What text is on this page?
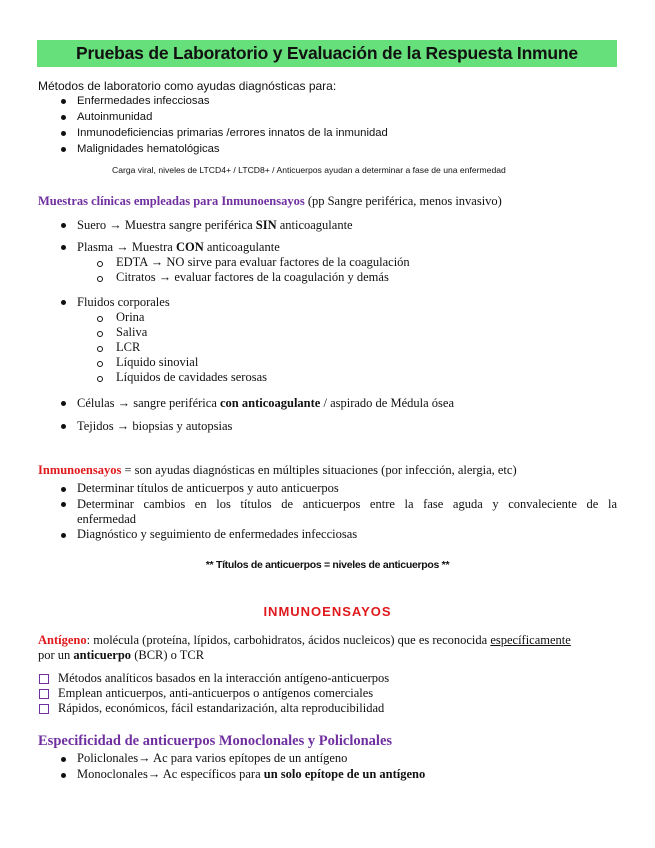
Pruebas de Laboratorio y Evaluación de la Respuesta Inmune
Métodos de laboratorio como ayudas diagnósticas para:
Enfermedades infecciosas
Autoinmunidad
Inmunodeficiencias primarias /errores innatos de la inmunidad
Malignidades hematológicas
Carga viral, niveles de LTCD4+ / LTCD8+ / Anticuerpos ayudan a determinar a fase de una enfermedad
Muestras clínicas empleadas para Inmunoensayos (pp Sangre periférica, menos invasivo)
Suero → Muestra sangre periférica SIN anticoagulante
Plasma → Muestra CON anticoagulante
EDTA → NO sirve para evaluar factores de la coagulación
Citratos → evaluar factores de la coagulación y demás
Fluidos corporales
Orina
Saliva
LCR
Líquido sinovial
Líquidos de cavidades serosas
Células → sangre periférica con anticoagulante / aspirado de Médula ósea
Tejidos → biopsias y autopsias
Inmunoensayos = son ayudas diagnósticas en múltiples situaciones (por infección, alergia, etc)
Determinar títulos de anticuerpos y auto anticuerpos
Determinar cambios en los títulos de anticuerpos entre la fase aguda y convaleciente de la
enfermedad
Diagnóstico y seguimiento de enfermedades infecciosas
** Títulos de anticuerpos = niveles de anticuerpos **
INMUNOENSAYOS
Antígeno: molécula (proteína, lípidos, carbohidratos, ácidos nucleicos) que es reconocida específicamente
por un anticuerpo (BCR) o TCR
Métodos analíticos basados en la interacción antígeno-anticuerpos
Emplean anticuerpos, anti-anticuerpos o antígenos comerciales
Rápidos, económicos, fácil estandarización, alta reproducibilidad
Especificidad de anticuerpos Monoclonales y Policlonales
Policlonales→ Ac para varios epítopes de un antígeno
Monoclonales→ Ac específicos para un solo epítope de un antígeno
